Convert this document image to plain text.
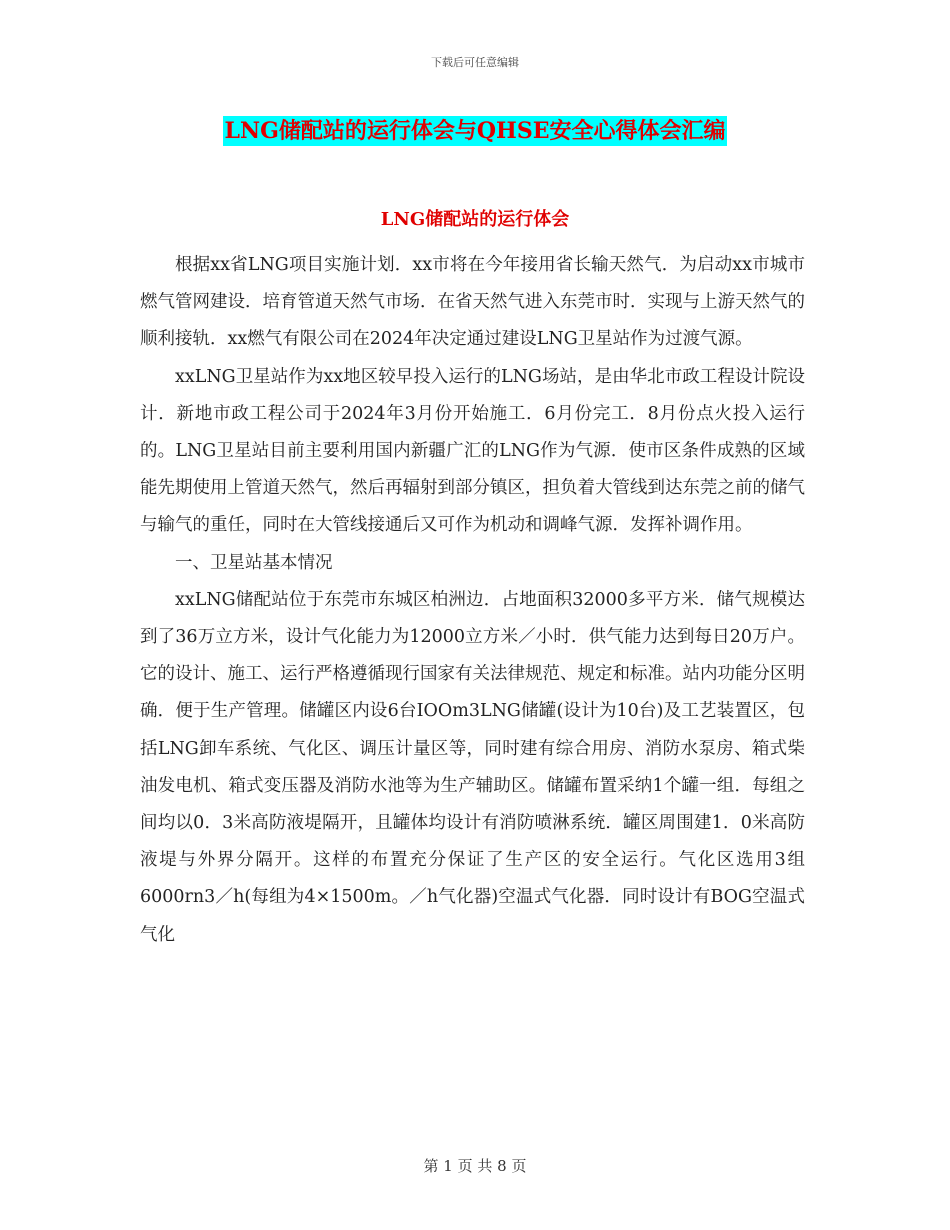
下载后可任意编辑
LNG储配站的运行体会与QHSE安全心得体会汇编
LNG储配站的运行体会

根据xx省LNG项目实施计划．xx市将在今年接用省长输天然气．为启动xx市城市燃气管网建设．培育管道天然气市场．在省天然气进入东莞市时．实现与上游天然气的顺利接轨．xx燃气有限公司在2024年决定通过建设LNG卫星站作为过渡气源。

xxLNG卫星站作为xx地区较早投入运行的LNG场站，是由华北市政工程设计院设计．新地市政工程公司于2024年3月份开始施工．6月份完工．8月份点火投入运行的。LNG卫星站目前主要利用国内新疆广汇的LNG作为气源．使市区条件成熟的区域能先期使用上管道天然气，然后再辐射到部分镇区，担负着大管线到达东莞之前的储气与输气的重任，同时在大管线接通后又可作为机动和调峰气源．发挥补调作用。

一、卫星站基本情况

xxLNG储配站位于东莞市东城区柏洲边．占地面积32000多平方米．储气规模达到了36万立方米，设计气化能力为12000立方米／小时．供气能力达到每日20万户。它的设计、施工、运行严格遵循现行国家有关法律规范、规定和标准。站内功能分区明确．便于生产管理。储罐区内设6台IOOm3LNG储罐(设计为10台)及工艺装置区，包括LNG卸车系统、气化区、调压计量区等，同时建有综合用房、消防水泵房、箱式柴油发电机、箱式变压器及消防水池等为生产辅助区。储罐布置采纳1个罐一组．每组之间均以0．3米高防液堤隔开，且罐体均设计有消防喷淋系统．罐区周围建1．0米高防液堤与外界分隔开。这样的布置充分保证了生产区的安全运行。气化区选用3组6000rn3／h(每组为4×1500m。／h气化器)空温式气化器．同时设计有BOG空温式气化

第 1 页 共 8 页
